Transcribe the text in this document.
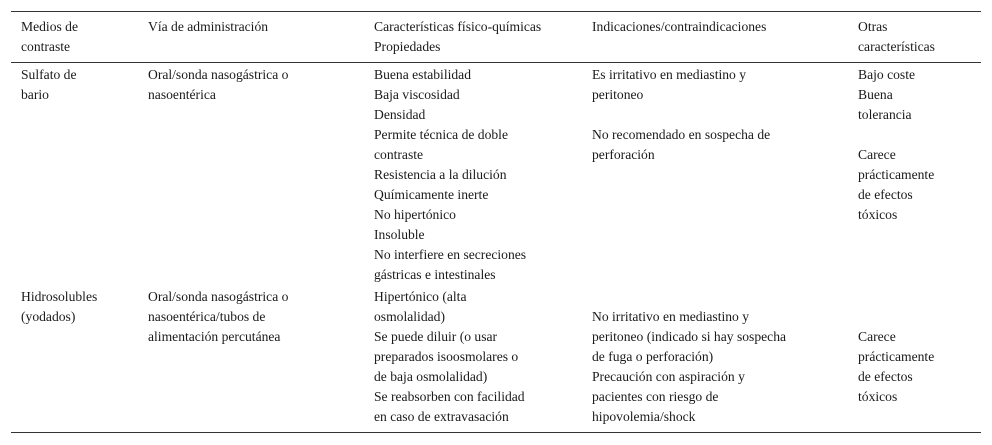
Medios de
contraste
Vía de administración	Características físico-químicas
Propiedades
Indicaciones/contraindicaciones	Otras
características
Sulfato de
bario
Oral/sonda nasogástrica o
nasoentérica
Buena estabilidad
Baja viscosidad
Densidad
Permite técnica de doble
contraste
Resistencia a la dilución
Químicamente inerte
No hipertónico
Insoluble
No interfiere en secreciones
gástricas e intestinales
Es irritativo en mediastino y
peritoneo

No recomendado en sospecha de
perforación
Bajo coste
Buena
tolerancia

Carece
prácticamente
de efectos
tóxicos
Hidrosolubles
(yodados)
Oral/sonda nasogástrica o
nasoentérica/tubos de
alimentación percutánea
Hipertónico (alta
osmolalidad)
Se puede diluir (o usar
preparados isoosmolares o
de baja osmolalidad)
Se reabsorben con facilidad
en caso de extravasación
No irritativo en mediastino y
peritoneo (indicado si hay sospecha
de fuga o perforación)
Precaución con aspiración y
pacientes con riesgo de
hipovolemia/shock
Carece
prácticamente
de efectos
tóxicos
